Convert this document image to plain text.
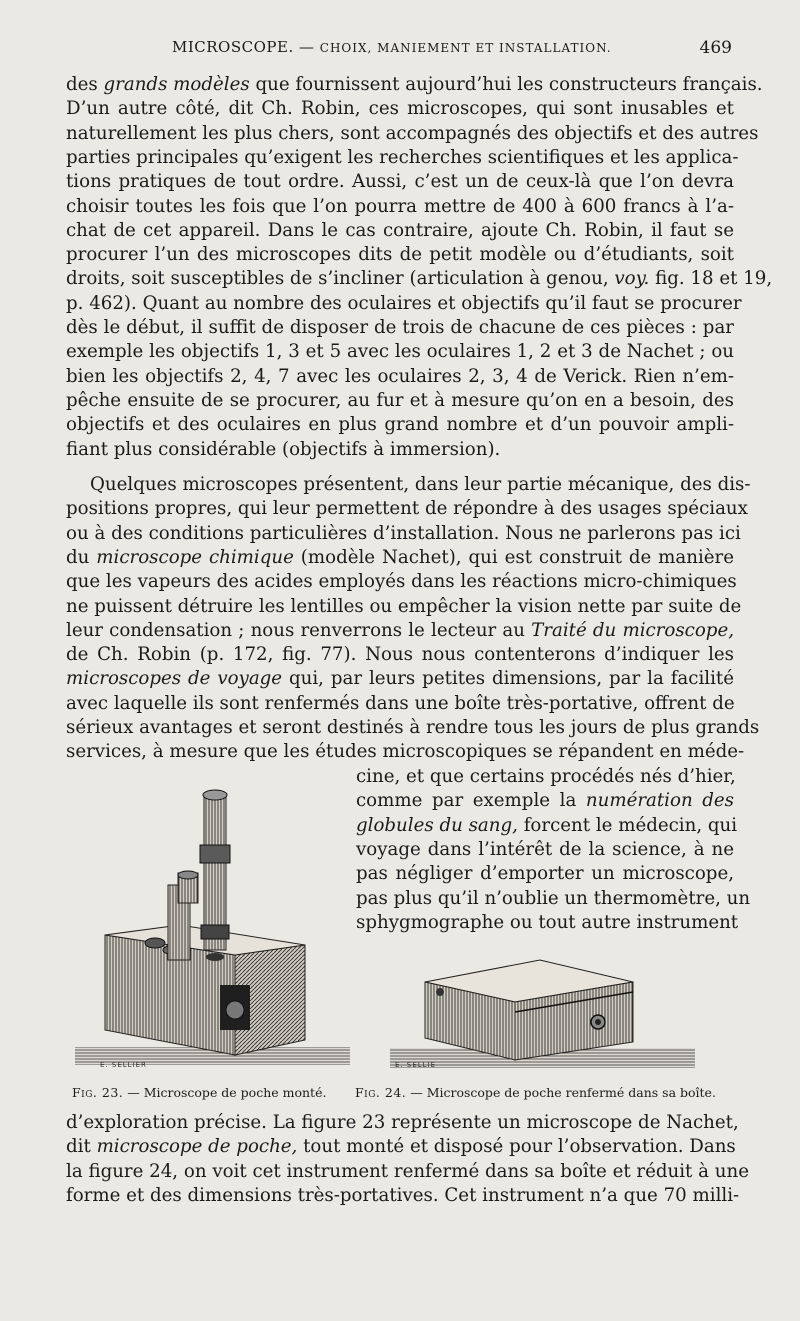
MICROSCOPE. — CHOIX, MANIEMENT ET INSTALLATION.	469
des grands modèles que fournissent aujourd’hui les constructeurs français.
D’un autre côté, dit Ch. Robin, ces microscopes, qui sont inusables et
naturellement les plus chers, sont accompagnés des objectifs et des autres
parties principales qu’exigent les recherches scientifiques et les applica-
tions pratiques de tout ordre. Aussi, c’est un de ceux-là que l’on devra
choisir toutes les fois que l’on pourra mettre de 400 à 600 francs à l’a-
chat de cet appareil. Dans le cas contraire, ajoute Ch. Robin, il faut se
procurer l’un des microscopes dits de petit modèle ou d’étudiants, soit
droits, soit susceptibles de s’incliner (articulation à genou, voy. fig. 18 et 19,
p. 462). Quant au nombre des oculaires et objectifs qu’il faut se procurer
dès le début, il suffit de disposer de trois de chacune de ces pièces : par
exemple les objectifs 1, 3 et 5 avec les oculaires 1, 2 et 3 de Nachet ; ou
bien les objectifs 2, 4, 7 avec les oculaires 2, 3, 4 de Verick. Rien n’em-
pêche ensuite de se procurer, au fur et à mesure qu’on en a besoin, des
objectifs et des oculaires en plus grand nombre et d’un pouvoir ampli-
fiant plus considérable (objectifs à immersion).
Quelques microscopes présentent, dans leur partie mécanique, des dis-
positions propres, qui leur permettent de répondre à des usages spéciaux
ou à des conditions particulières d’installation. Nous ne parlerons pas ici
du microscope chimique (modèle Nachet), qui est construit de manière
que les vapeurs des acides employés dans les réactions micro-chimiques
ne puissent détruire les lentilles ou empêcher la vision nette par suite de
leur condensation ; nous renverrons le lecteur au Traité du microscope,
de Ch. Robin (p. 172, fig. 77). Nous nous contenterons d’indiquer les
microscopes de voyage qui, par leurs petites dimensions, par la facilité
avec laquelle ils sont renfermés dans une boîte très-portative, offrent de
sérieux avantages et seront destinés à rendre tous les jours de plus grands
services, à mesure que les études microscopiques se répandent en méde-
cine, et que certains procédés nés d’hier,
comme par exemple la numération des
globules du sang, forcent le médecin, qui
voyage dans l’intérêt de la science, à ne
pas négliger d’emporter un microscope,
pas plus qu’il n’oublie un thermomètre, un
sphygmographe ou tout autre instrument
E. SELLIER	E. SELLIE
Fig. 23. — Microscope de poche monté. Fig. 24. — Microscope de poche renfermé dans sa boîte.
d’exploration précise. La figure 23 représente un microscope de Nachet,
dit microscope de poche, tout monté et disposé pour l’observation. Dans
la figure 24, on voit cet instrument renfermé dans sa boîte et réduit à une
forme et des dimensions très-portatives. Cet instrument n’a que 70 milli-
